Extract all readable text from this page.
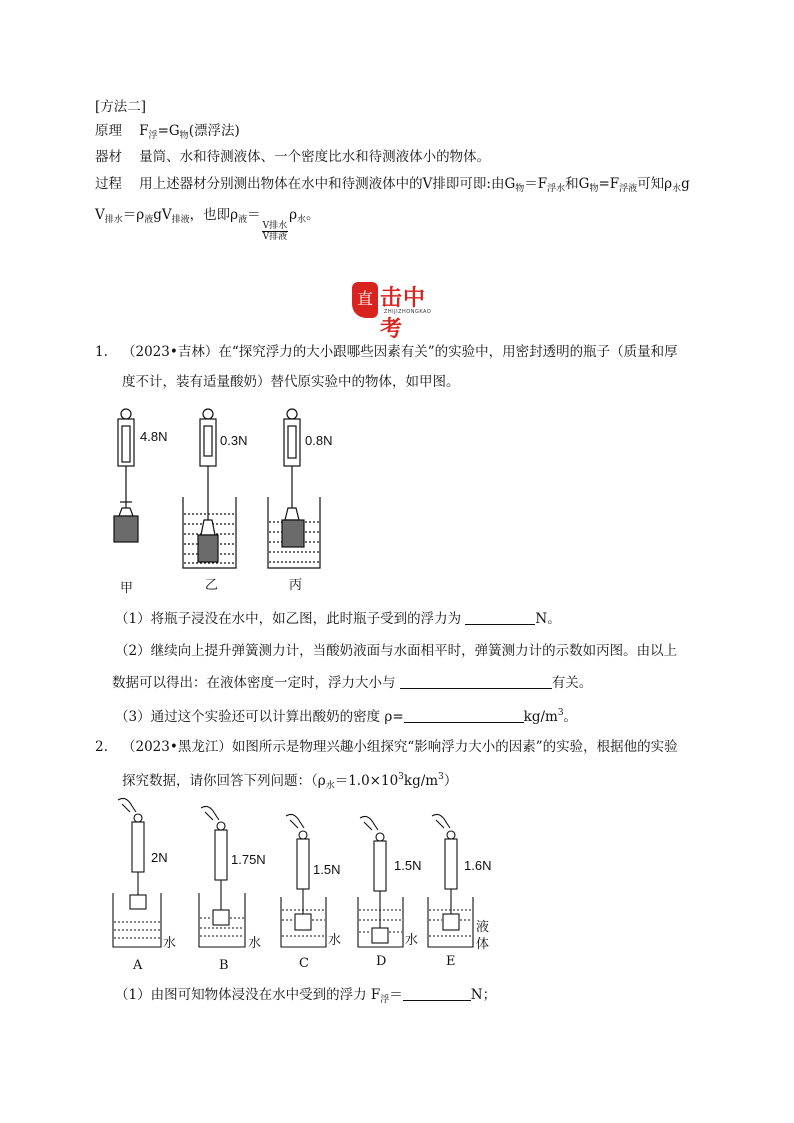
[方法二]
原理 $F_浮=G_物$(漂浮法)
器材 量筒、水和待测液体、一个密度比水和待测液体小的物体。
过程 用上述器材分别测出物体在水中和待测液体中的V排即可即:由$G_物=F_{浮水}$和$G_物=F_{浮液}$可知$\rho_水g$
$V_{排水}=\rho_液gV_{排液}$，也即$\rho_液=$
$\frac{\text{V排水}}{\text{V排液}}$
$\rho_水$。
直 击中考
ZHIJIZHONGKAO
1. （2023•吉林）在“探究浮力的大小跟哪些因素有关”的实验中，用密封透明的瓶子（质量和厚
度不计，装有适量酸奶）替代原实验中的物体，如甲图。
4.8N	0.3N	0.8N
甲	乙	丙
（1）将瓶子浸没在水中，如乙图，此时瓶子受到的浮力为	N。
（2）继续向上提升弹簧测力计，当酸奶液面与水面相平时，弹簧测力计的示数如丙图。由以上
数据可以得出：在液体密度一定时，浮力大小与	有关。
（3）通过这个实验还可以计算出酸奶的密度 ρ=	$kg/m^3$。
2. （2023•黑龙江）如图所示是物理兴趣小组探究“影响浮力大小的因素”的实验，根据他的实验
探究数据，请你回答下列问题：$(\rho_水=1.0\times 10^3kg/m^3)$
2N	1.75N
1.5N	1.5N	1.6N
水	水	水	水
液
体
A	B	C	D	E
（1）由图可知物体浸没在水中受到的浮力 $F_浮=$	N；
